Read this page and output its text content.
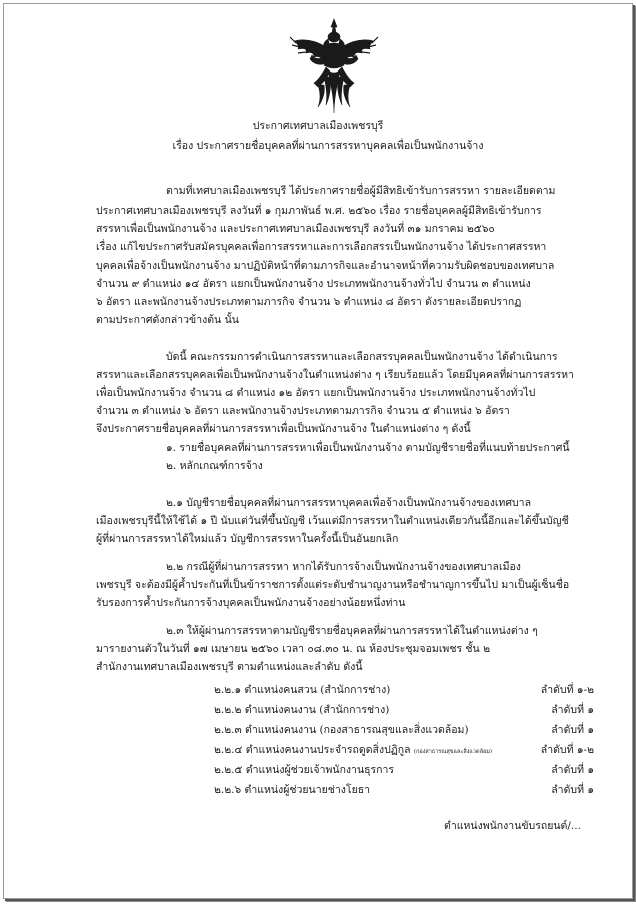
ประกาศเทศบาลเมืองเพชรบุรี
เรื่อง ประกาศรายชื่อบุคคลที่ผ่านการสรรหาบุคคลเพื่อเป็นพนักงานจ้าง
ตามที่เทศบาลเมืองเพชรบุรี ได้ประกาศรายชื่อผู้มีสิทธิเข้ารับการสรรหา รายละเอียดตาม
ประกาศเทศบาลเมืองเพชรบุรี ลงวันที่ ๑ กุมภาพันธ์ พ.ศ. ๒๕๖๐ เรื่อง รายชื่อบุคคลผู้มีสิทธิเข้ารับการ
สรรหาเพื่อเป็นพนักงานจ้าง และประกาศเทศบาลเมืองเพชรบุรี ลงวันที่ ๓๑ มกราคม ๒๕๖๐
เรื่อง แก้ไขประกาศรับสมัครบุคคลเพื่อการสรรหาและการเลือกสรรเป็นพนักงานจ้าง ได้ประกาศสรรหา
บุคคลเพื่อจ้างเป็นพนักงานจ้าง มาปฏิบัติหน้าที่ตามภารกิจและอำนาจหน้าที่ความรับผิดชอบของเทศบาล
จำนวน ๙ ตำแหน่ง ๑๔ อัตรา แยกเป็นพนักงานจ้าง ประเภทพนักงานจ้างทั่วไป จำนวน ๓ ตำแหน่ง
๖ อัตรา และพนักงานจ้างประเภทตามภารกิจ จำนวน ๖ ตำแหน่ง ๘ อัตรา ดังรายละเอียดปรากฏ
ตามประกาศดังกล่าวข้างต้น นั้น
บัดนี้ คณะกรรมการดำเนินการสรรหาและเลือกสรรบุคคลเป็นพนักงานจ้าง ได้ดำเนินการ
สรรหาและเลือกสรรบุคคลเพื่อเป็นพนักงานจ้างในตำแหน่งต่าง ๆ เรียบร้อยแล้ว โดยมีบุคคลที่ผ่านการสรรหา
เพื่อเป็นพนักงานจ้าง จำนวน ๘ ตำแหน่ง ๑๒ อัตรา แยกเป็นพนักงานจ้าง ประเภทพนักงานจ้างทั่วไป
จำนวน ๓ ตำแหน่ง ๖ อัตรา และพนักงานจ้างประเภทตามภารกิจ จำนวน ๕ ตำแหน่ง ๖ อัตรา
จึงประกาศรายชื่อบุคคลที่ผ่านการสรรหาเพื่อเป็นพนักงานจ้าง ในตำแหน่งต่าง ๆ ดังนี้
๑. รายชื่อบุคคลที่ผ่านการสรรหาเพื่อเป็นพนักงานจ้าง ตามบัญชีรายชื่อที่แนบท้ายประกาศนี้
๒. หลักเกณฑ์การจ้าง
๒.๑ บัญชีรายชื่อบุคคลที่ผ่านการสรรหาบุคคลเพื่อจ้างเป็นพนักงานจ้างของเทศบาล
เมืองเพชรบุรีนี้ให้ใช้ได้ ๑ ปี นับแต่วันที่ขึ้นบัญชี เว้นแต่มีการสรรหาในตำแหน่งเดียวกันนี้อีกและได้ขึ้นบัญชี
ผู้ที่ผ่านการสรรหาได้ใหม่แล้ว บัญชีการสรรหาในครั้งนี้เป็นอันยกเลิก
๒.๒ กรณีผู้ที่ผ่านการสรรหา หากได้รับการจ้างเป็นพนักงานจ้างของเทศบาลเมือง
เพชรบุรี จะต้องมีผู้ค้ำประกันที่เป็นข้าราชการตั้งแต่ระดับชำนาญงานหรือชำนาญการขึ้นไป มาเป็นผู้เซ็นชื่อ
รับรองการค้ำประกันการจ้างบุคคลเป็นพนักงานจ้างอย่างน้อยหนึ่งท่าน
๒.๓ ให้ผู้ผ่านการสรรหาตามบัญชีรายชื่อบุคคลที่ผ่านการสรรหาได้ในตำแหน่งต่าง ๆ
มารายงานตัวในวันที่ ๑๗ เมษายน ๒๕๖๐ เวลา ๐๘.๓๐ น. ณ ห้องประชุมจอมเพชร ชั้น ๒
สำนักงานเทศบาลเมืองเพชรบุรี ตามตำแหน่งและลำดับ ดังนี้
๒.๒.๑ ตำแหน่งคนสวน (สำนักการช่าง)	ลำดับที่ ๑-๒
๒.๒.๒ ตำแหน่งคนงาน (สำนักการช่าง)	ลำดับที่ ๑
๒.๒.๓ ตำแหน่งคนงาน (กองสาธารณสุขและสิ่งแวดล้อม)	ลำดับที่ ๑
๒.๒.๔ ตำแหน่งคนงานประจำรถดูดสิ่งปฏิกูล (กองสาธารณสุขและสิ่งแวดล้อม)	ลำดับที่ ๑-๒
๒.๒.๕ ตำแหน่งผู้ช่วยเจ้าพนักงานธุรการ	ลำดับที่ ๑
๒.๒.๖ ตำแหน่งผู้ช่วยนายช่างโยธา	ลำดับที่ ๑
ตำแหน่งพนักงานขับรถยนต์/...
